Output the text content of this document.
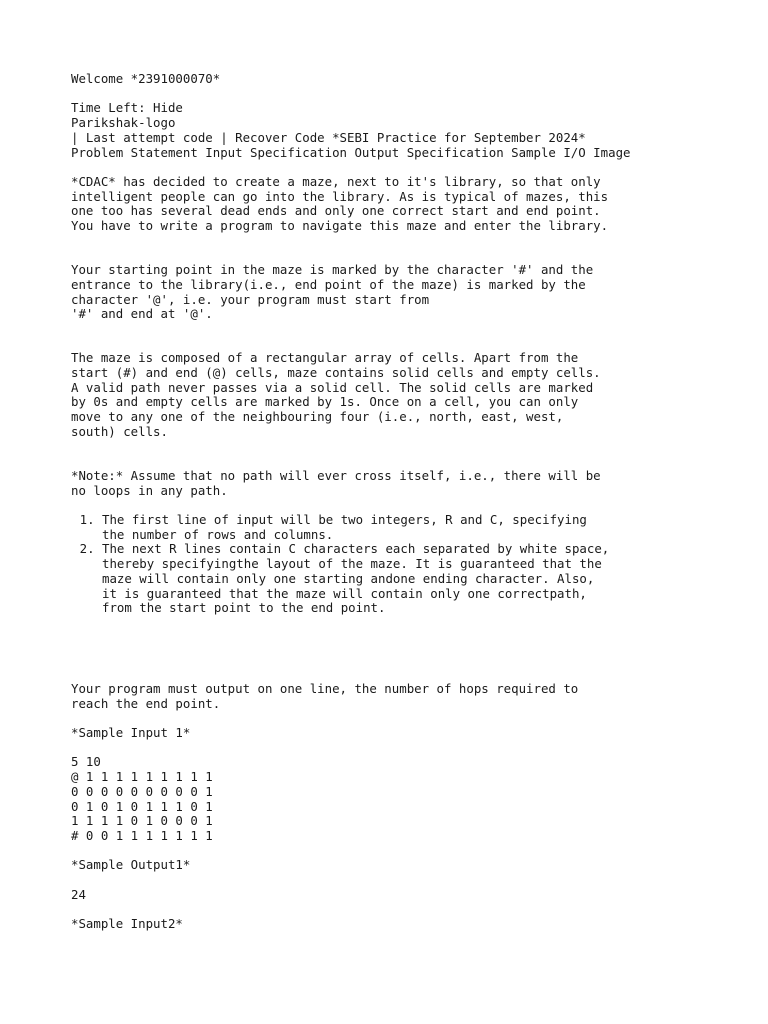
Welcome *2391000070*
Time Left: Hide
Parikshak-logo
| Last attempt code | Recover Code *SEBI Practice for September 2024*
Problem Statement Input Specification Output Specification Sample I/O Image
*CDAC* has decided to create a maze, next to it's library, so that only
intelligent people can go into the library. As is typical of mazes, this
one too has several dead ends and only one correct start and end point.
You have to write a program to navigate this maze and enter the library.
Your starting point in the maze is marked by the character '#' and the
entrance to the library(i.e., end point of the maze) is marked by the
character '@', i.e. your program must start from
'#' and end at '@'.
The maze is composed of a rectangular array of cells. Apart from the
start (#) and end (@) cells, maze contains solid cells and empty cells.
A valid path never passes via a solid cell. The solid cells are marked
by 0s and empty cells are marked by 1s. Once on a cell, you can only
move to any one of the neighbouring four (i.e., north, east, west,
south) cells.
*Note:* Assume that no path will ever cross itself, i.e., there will be
no loops in any path.
1. The first line of input will be two integers, R and C, specifying
the number of rows and columns.
2. The next R lines contain C characters each separated by white space,
thereby specifyingthe layout of the maze. It is guaranteed that the
maze will contain only one starting andone ending character. Also,
it is guaranteed that the maze will contain only one correctpath,
from the start point to the end point.
Your program must output on one line, the number of hops required to
reach the end point.
*Sample Input 1*
5 10
@ 1 1 1 1 1 1 1 1 1
0 0 0 0 0 0 0 0 0 1
0 1 0 1 0 1 1 1 0 1
1 1 1 1 0 1 0 0 0 1
# 0 0 1 1 1 1 1 1 1
*Sample Output1*
24
*Sample Input2*
